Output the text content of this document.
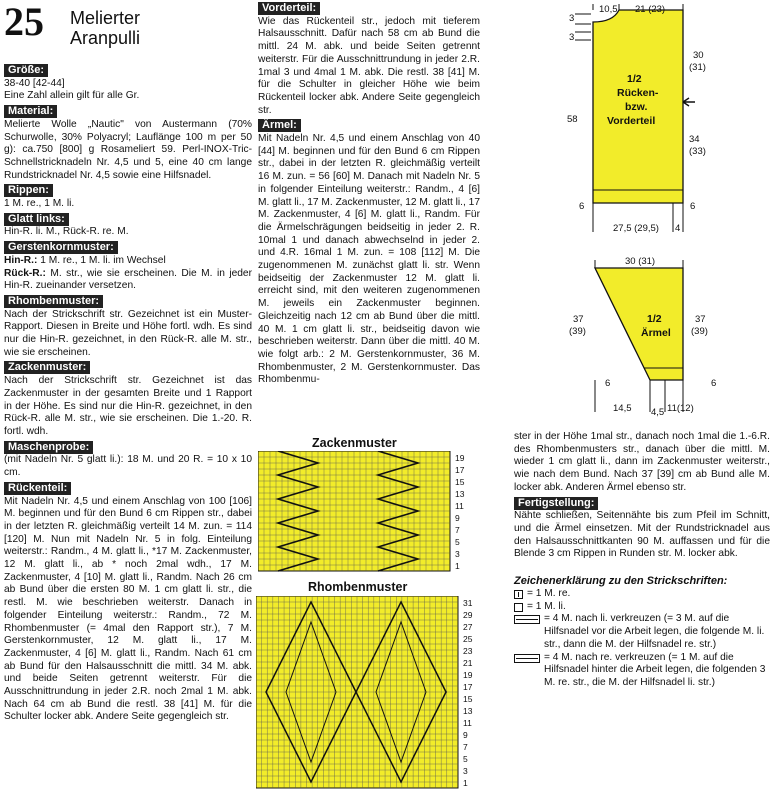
25 Melierter
Aranpulli
Größe:
38-40 [42-44]
Eine Zahl allein gilt für alle Gr.
Material:
Melierte Wolle „Nautic" von Austermann (70% Schurwolle, 30% Polyacryl; Lauflänge 100 m per 50 g): ca.750 [800] g Rosameliert 59. Perl-INOX-Tric-Schnellstricknadeln Nr. 4,5 und 5, eine 40 cm lange Rundstricknadel Nr. 4,5 sowie eine Hilfsnadel.
Rippen:
1 M. re., 1 M. li.
Glatt links:
Hin-R. li. M., Rück-R. re. M.
Gerstenkornmuster:
Hin-R.: 1 M. re., 1 M. li. im Wechsel
Rück-R.: M. str., wie sie erscheinen. Die M. in jeder Hin-R. zueinander versetzen.
Rhombenmuster:
Nach der Strickschrift str. Gezeichnet ist ein Muster-Rapport. Diesen in Breite und Höhe fortl. wdh. Es sind nur die Hin-R. gezeichnet, in den Rück-R. alle M. str., wie sie erscheinen.
Zackenmuster:
Nach der Strickschrift str. Gezeichnet ist das Zackenmuster in der gesamten Breite und 1 Rapport in der Höhe. Es sind nur die Hin-R. gezeichnet, in den Rück-R. alle M. str., wie sie erscheinen. Die 1.-20. R. fortl. wdh.
Maschenprobe:
(mit Nadeln Nr. 5 glatt li.): 18 M. und 20 R. = 10 x 10 cm.
Rückenteil:
Mit Nadeln Nr. 4,5 und einem Anschlag von 100 [106] M. beginnen und für den Bund 6 cm Rippen str., dabei in der letzten R. gleichmäßig verteilt 14 M. zun. = 114 [120] M. Nun mit Nadeln Nr. 5 in folg. Einteilung weiterstr.: Randm., 4 M. glatt li., *17 M. Zackenmuster, 12 M. glatt li., ab * noch 2mal wdh., 17 M. Zackenmuster, 4 [10] M. glatt li., Randm. Nach 26 cm ab Bund über die ersten 80 M. 1 cm glatt li. str., die restl. M. wie beschrieben weiterstr. Danach in folgender Einteilung weiterstr.: Randm., 72 M. Rhombenmuster (= 4mal den Rapport str.), 7 M. Gerstenkornmuster, 12 M. glatt li., 17 M. Zackenmuster, 4 [6] M. glatt li., Randm. Nach 61 cm ab Bund für den Halsausschnitt die mittl. 34 M. abk. und beide Seiten getrennt weiterstr. Für die Ausschnittrundung in jeder 2.R. noch 2mal 1 M. abk. Nach 64 cm ab Bund die restl. 38 [41] M. für die Schulter locker abk. Andere Seite gegengleich str.
Vorderteil:
Wie das Rückenteil str., jedoch mit tieferem Halsausschnitt. Dafür nach 58 cm ab Bund die mittl. 24 M. abk. und beide Seiten getrennt weiterstr. Für die Ausschnittrundung in jeder 2.R. 1mal 3 und 4mal 1 M. abk. Die restl. 38 [41] M. für die Schulter in gleicher Höhe wie beim Rückenteil locker abk. Andere Seite gegengleich str.
Ärmel:
Mit Nadeln Nr. 4,5 und einem Anschlag von 40 [44] M. beginnen und für den Bund 6 cm Rippen str., dabei in der letzten R. gleichmäßig verteilt 16 M. zun. = 56 [60] M. Danach mit Nadeln Nr. 5 in folgender Einteilung weiterstr.: Randm., 4 [6] M. glatt li., 17 M. Zackenmuster, 12 M. glatt li., 17 M. Zackenmuster, 4 [6] M. glatt li., Randm. Für die Ärmelschrägungen beidseitig in jeder 2. R. 10mal 1 und danach abwechselnd in jeder 2. und 4.R. 16mal 1 M. zun. = 108 [112] M. Die zugenommenen M. zunächst glatt li. str. Wenn beidseitig der Zackenmuster 12 M. glatt li. erreicht sind, mit den weiteren zugenommenen M. jeweils ein Zackenmuster beginnen. Gleichzeitig nach 12 cm ab Bund über die mittl. 40 M. 1 cm glatt li. str., beidseitig davon wie beschrieben weiterstr. Dann über die mittl. 40 M. wie folgt arb.: 2 M. Gerstenkornmuster, 36 M. Rhombenmuster, 2 M. Gerstenkornmuster. Das Rhombenmu-
10,5 21 (23)
3
3
58
30
(31)
1/2
Rücken-
bzw.
Vorderteil
34
(33)
6	6
27,5 (29,5) 4
30 (31)
37
(39)
37
(39)
1/2
Ärmel
6	6
14,5 4,5 11(12)
Zackenmuster
19
17
15
13
11
9
7
5
3
1
Rhombenmuster
31
29
27
25
23
21
19
17
15
13
11
9
7
5
3
1
ster in der Höhe 1mal str., danach noch 1mal die 1.-6.R. des Rhombenmusters str., danach über die mittl. M. wieder 1 cm glatt li., dann im Zackenmuster weiterstr., wie nach dem Bund. Nach 37 [39] cm ab Bund alle M. locker abk. Anderen Ärmel ebenso str.
Fertigstellung:
Nähte schließen, Seitennähte bis zum Pfeil im Schnitt, und die Ärmel einsetzen. Mit der Rundstricknadel aus den Halsausschnittkanten 90 M. auffassen und für die Blende 3 cm Rippen in Runden str. M. locker abk.
Zeichenerklärung zu den Strickschriften:
= 1 M. re.
= 1 M. li.
= 4 M. nach li. verkreuzen (= 3 M. auf die Hilfsnadel vor die Arbeit legen, die folgende M. li. str., dann die M. der Hilfsnadel re. str.)
= 4 M. nach re. verkreuzen (= 1 M. auf die Hilfsnadel hinter die Arbeit legen, die folgenden 3 M. re. str., die M. der Hilfsnadel li. str.)
